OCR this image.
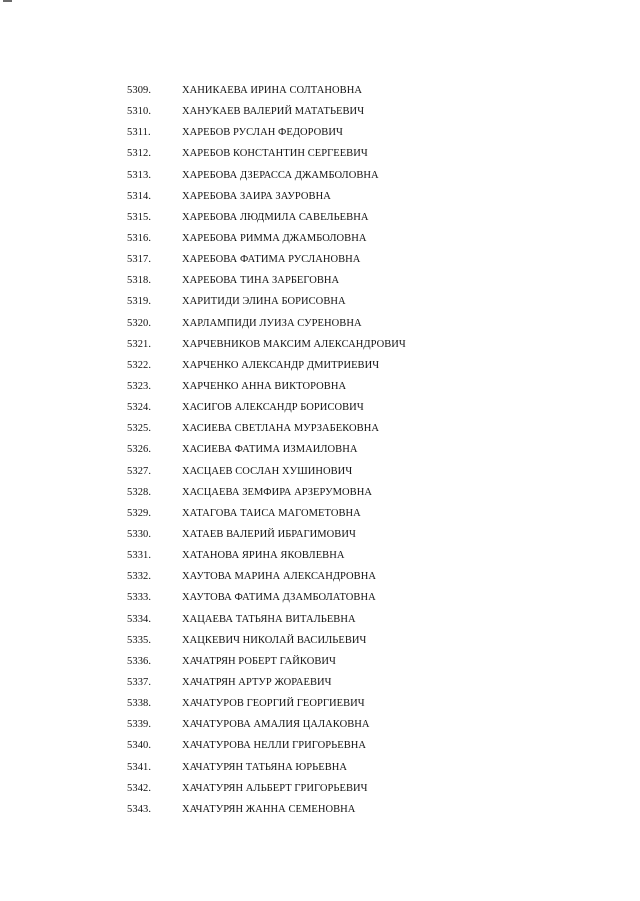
5309.	ХАНИКАЕВА ИРИНА СОЛТАНОВНА
5310.	ХАНУКАЕВ ВАЛЕРИЙ МАТАТЬЕВИЧ
5311.	ХАРЕБОВ РУСЛАН ФЕДОРОВИЧ
5312.	ХАРЕБОВ КОНСТАНТИН СЕРГЕЕВИЧ
5313.	ХАРЕБОВА ДЗЕРАССА ДЖАМБОЛОВНА
5314.	ХАРЕБОВА ЗАИРА ЗАУРОВНА
5315.	ХАРЕБОВА ЛЮДМИЛА САВЕЛЬЕВНА
5316.	ХАРЕБОВА РИММА ДЖАМБОЛОВНА
5317.	ХАРЕБОВА ФАТИМА РУСЛАНОВНА
5318.	ХАРЕБОВА ТИНА ЗАРБЕГОВНА
5319.	ХАРИТИДИ ЭЛИНА БОРИСОВНА
5320.	ХАРЛАМПИДИ ЛУИЗА СУРЕНОВНА
5321.	ХАРЧЕВНИКОВ МАКСИМ АЛЕКСАНДРОВИЧ
5322.	ХАРЧЕНКО АЛЕКСАНДР ДМИТРИЕВИЧ
5323.	ХАРЧЕНКО АННА ВИКТОРОВНА
5324.	ХАСИГОВ АЛЕКСАНДР БОРИСОВИЧ
5325.	ХАСИЕВА СВЕТЛАНА МУРЗАБЕКОВНА
5326.	ХАСИЕВА ФАТИМА ИЗМАИЛОВНА
5327.	ХАСЦАЕВ СОСЛАН ХУШИНОВИЧ
5328.	ХАСЦАЕВА ЗЕМФИРА АРЗЕРУМОВНА
5329.	ХАТАГОВА ТАИСА МАГОМЕТОВНА
5330.	ХАТАЕВ ВАЛЕРИЙ ИБРАГИМОВИЧ
5331.	ХАТАНОВА ЯРИНА ЯКОВЛЕВНА
5332.	ХАУТОВА МАРИНА АЛЕКСАНДРОВНА
5333.	ХАУТОВА ФАТИМА ДЗАМБОЛАТОВНА
5334.	ХАЦАЕВА ТАТЬЯНА ВИТАЛЬЕВНА
5335.	ХАЦКЕВИЧ НИКОЛАЙ ВАСИЛЬЕВИЧ
5336.	ХАЧАТРЯН РОБЕРТ ГАЙКОВИЧ
5337.	ХАЧАТРЯН АРТУР ЖОРАЕВИЧ
5338.	ХАЧАТУРОВ ГЕОРГИЙ ГЕОРГИЕВИЧ
5339.	ХАЧАТУРОВА АМАЛИЯ ЦАЛАКОВНА
5340.	ХАЧАТУРОВА НЕЛЛИ ГРИГОРЬЕВНА
5341.	ХАЧАТУРЯН ТАТЬЯНА ЮРЬЕВНА
5342.	ХАЧАТУРЯН АЛЬБЕРТ ГРИГОРЬЕВИЧ
5343.	ХАЧАТУРЯН ЖАННА СЕМЕНОВНА
